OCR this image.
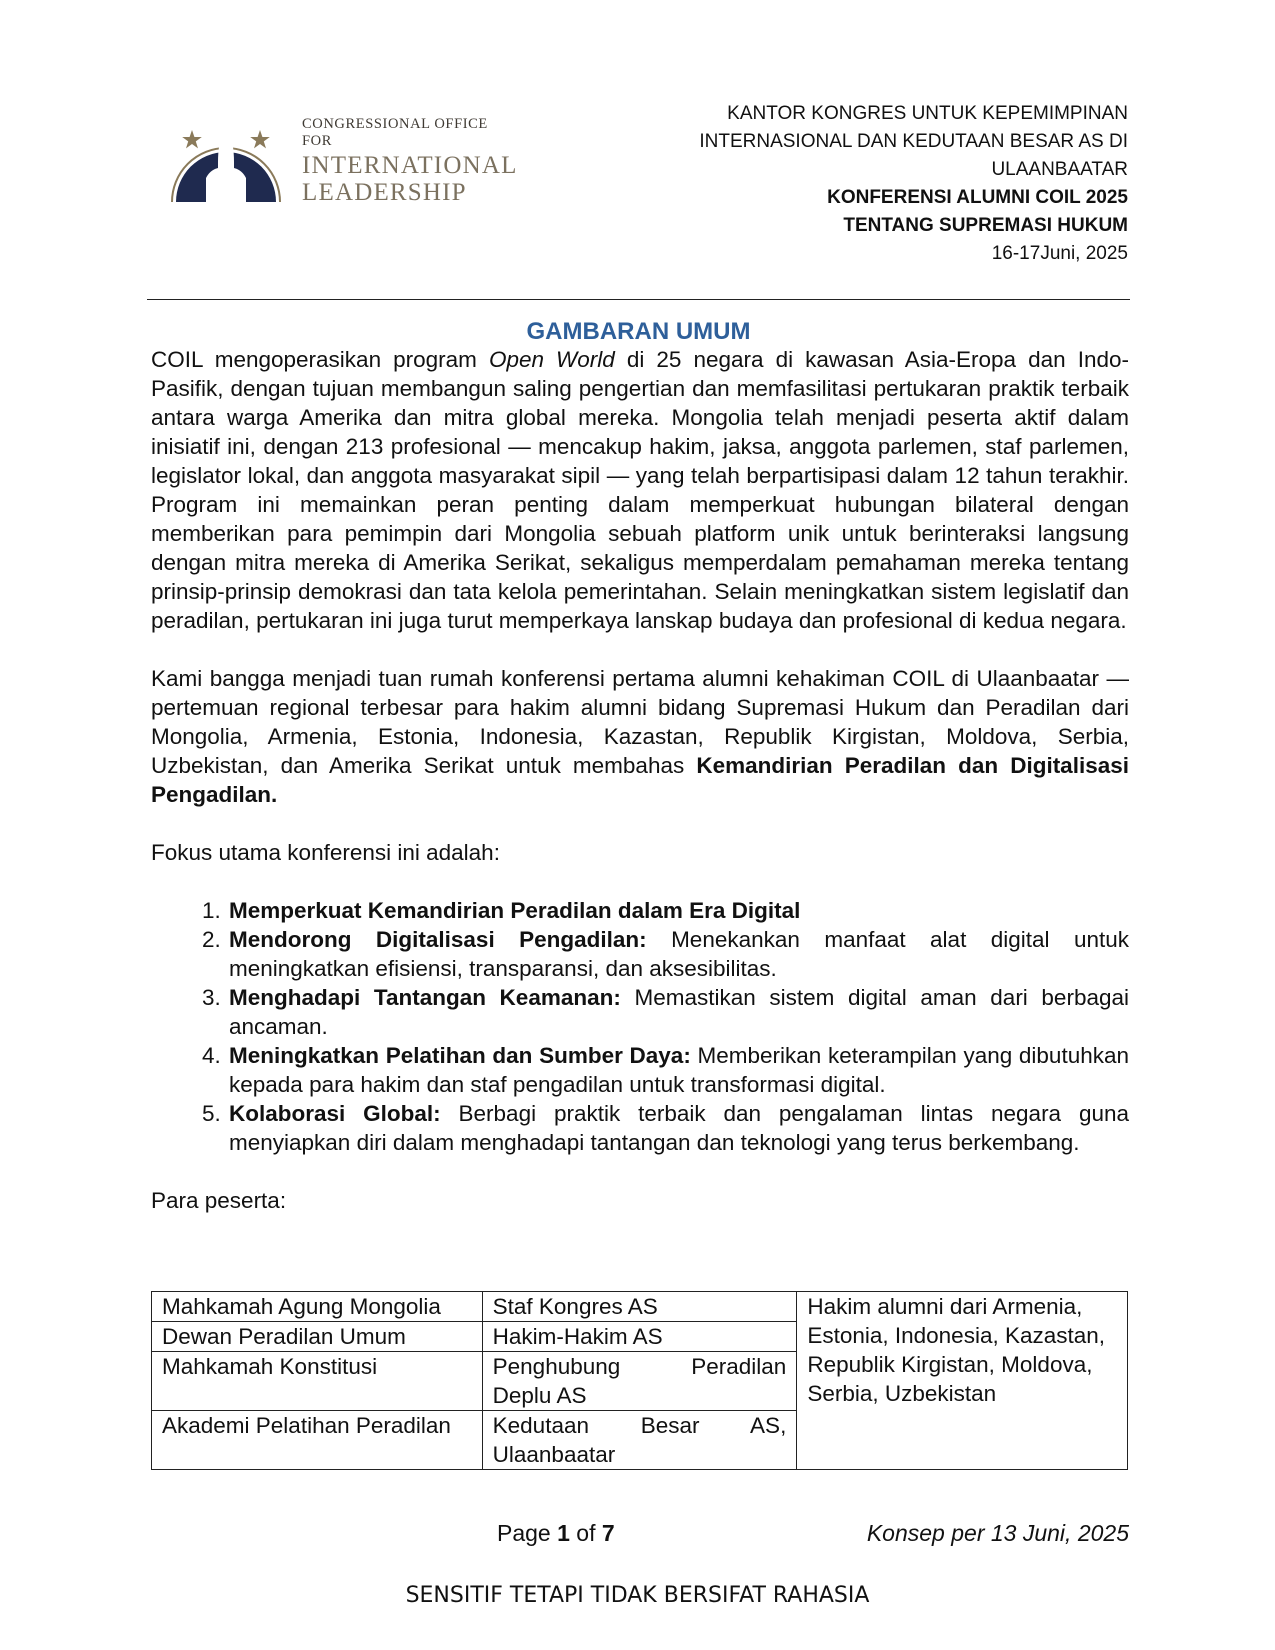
CONGRESSIONAL OFFICE FOR
INTERNATIONAL
LEADERSHIP
KANTOR KONGRES UNTUK KEPEMIMPINAN
INTERNASIONAL DAN KEDUTAAN BESAR AS DI
ULAANBAATAR
KONFERENSI ALUMNI COIL 2025
TENTANG SUPREMASI HUKUM
16-17Juni, 2025
GAMBARAN UMUM

COIL mengoperasikan program Open World di 25 negara di kawasan Asia-Eropa dan Indo-Pasifik, dengan tujuan membangun saling pengertian dan memfasilitasi pertukaran praktik terbaik antara warga Amerika dan mitra global mereka. Mongolia telah menjadi peserta aktif dalam inisiatif ini, dengan 213 profesional — mencakup hakim, jaksa, anggota parlemen, staf parlemen, legislator lokal, dan anggota masyarakat sipil — yang telah berpartisipasi dalam 12 tahun terakhir. Program ini memainkan peran penting dalam memperkuat hubungan bilateral dengan memberikan para pemimpin dari Mongolia sebuah platform unik untuk berinteraksi langsung dengan mitra mereka di Amerika Serikat, sekaligus memperdalam pemahaman mereka tentang prinsip-prinsip demokrasi dan tata kelola pemerintahan. Selain meningkatkan sistem legislatif dan peradilan, pertukaran ini juga turut memperkaya lanskap budaya dan profesional di kedua negara.

Kami bangga menjadi tuan rumah konferensi pertama alumni kehakiman COIL di Ulaanbaatar — pertemuan regional terbesar para hakim alumni bidang Supremasi Hukum dan Peradilan dari Mongolia, Armenia, Estonia, Indonesia, Kazastan, Republik Kirgistan, Moldova, Serbia, Uzbekistan, dan Amerika Serikat untuk membahas Kemandirian Peradilan dan Digitalisasi Pengadilan.

Fokus utama konferensi ini adalah:

1. Memperkuat Kemandirian Peradilan dalam Era Digital
2. Mendorong Digitalisasi Pengadilan: Menekankan manfaat alat digital untuk meningkatkan efisiensi, transparansi, dan aksesibilitas.
3. Menghadapi Tantangan Keamanan: Memastikan sistem digital aman dari berbagai ancaman.
4. Meningkatkan Pelatihan dan Sumber Daya: Memberikan keterampilan yang dibutuhkan kepada para hakim dan staf pengadilan untuk transformasi digital.
5. Kolaborasi Global: Berbagi praktik terbaik dan pengalaman lintas negara guna menyiapkan diri dalam menghadapi tantangan dan teknologi yang terus berkembang.

Para peserta:

Mahkamah Agung Mongolia	Staf Kongres AS	Hakim alumni dari Armenia, Estonia, Indonesia, Kazastan, Republik Kirgistan, Moldova, Serbia, Uzbekistan
Dewan Peradilan Umum	Hakim-Hakim AS	
Mahkamah Konstitusi	Penghubung Peradilan Deplu AS	
Akademi Pelatihan Peradilan	Kedutaan Besar AS, Ulaanbaatar	
Page 1 of 7	Konsep per 13 Juni, 2025
SENSITIF TETAPI TIDAK BERSIFAT RAHASIA
